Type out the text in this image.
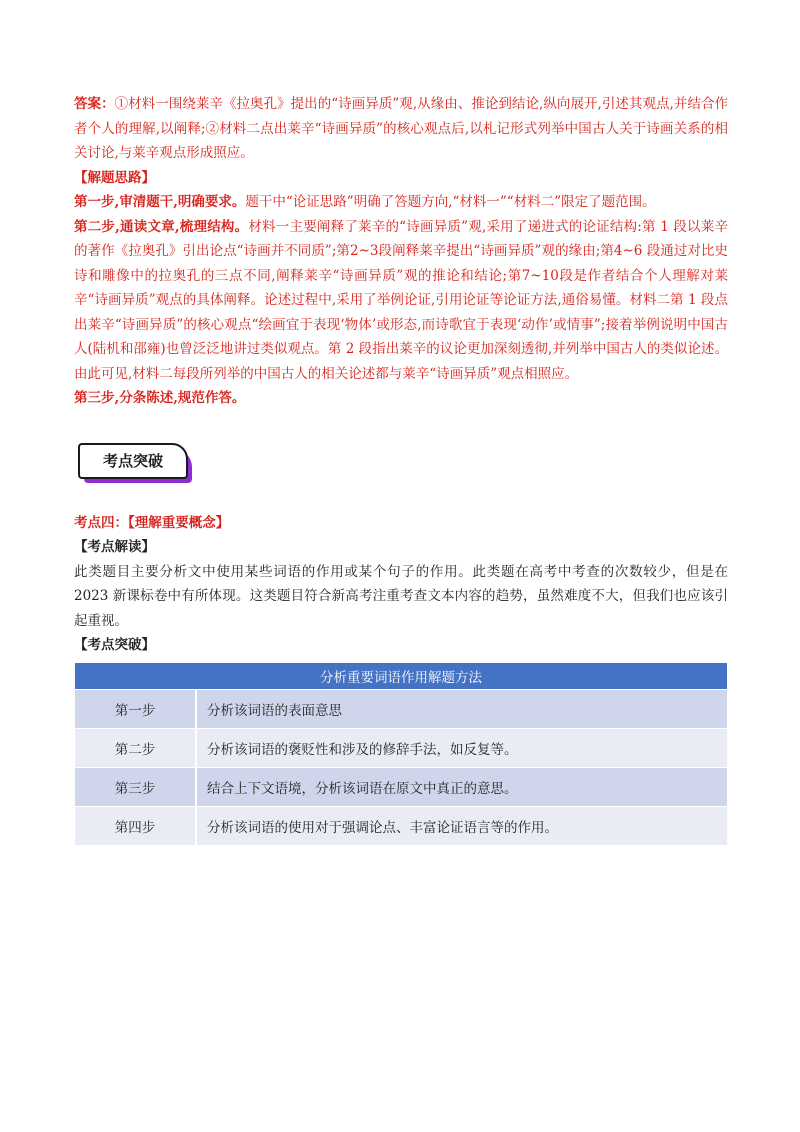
答案：①材料一围绕莱辛《拉奥孔》提出的“诗画异质”观,从缘由、推论到结论,纵向展开,引述其观点,并结合作者个人的理解,以阐释;②材料二点出莱辛“诗画异质”的核心观点后,以札记形式列举中国古人关于诗画关系的相关讨论,与莱辛观点形成照应。

【解题思路】

第一步,审清题干,明确要求。题干中“论证思路”明确了答题方向,“材料一”“材料二”限定了题范围。

第二步,通读文章,梳理结构。材料一主要阐释了莱辛的“诗画异质”观,采用了递进式的论证结构:第 1 段以莱辛的著作《拉奥孔》引出论点“诗画并不同质”;第2~3段阐释莱辛提出“诗画异质”观的缘由;第4~6 段通过对比史诗和雕像中的拉奥孔的三点不同,阐释莱辛“诗画异质”观的推论和结论;第7~10段是作者结合个人理解对莱辛“诗画异质”观点的具体阐释。论述过程中,采用了举例论证,引用论证等论证方法,通俗易懂。材料二第 1 段点出莱辛“诗画异质”的核心观点“绘画宜于表现‘物体’或形态,而诗歌宜于表现‘动作’或情事”;接着举例说明中国古人(陆机和邵雍)也曾泛泛地讲过类似观点。第 2 段指出莱辛的议论更加深刻透彻,并列举中国古人的类似论述。由此可见,材料二每段所列举的中国古人的相关论述都与莱辛“诗画异质”观点相照应。

第三步,分条陈述,规范作答。

考点突破

考点四：【理解重要概念】

【考点解读】

此类题目主要分析文中使用某些词语的作用或某个句子的作用。此类题在高考中考查的次数较少，但是在 2023 新课标卷中有所体现。这类题目符合新高考注重考查文本内容的趋势，虽然难度不大，但我们也应该引起重视。

【考点突破】

分析重要词语作用解题方法	
第一步	分析该词语的表面意思
第二步	分析该词语的褒贬性和涉及的修辞手法，如反复等。
第三步	结合上下文语境，分析该词语在原文中真正的意思。
第四步	分析该词语的使用对于强调论点、丰富论证语言等的作用。
